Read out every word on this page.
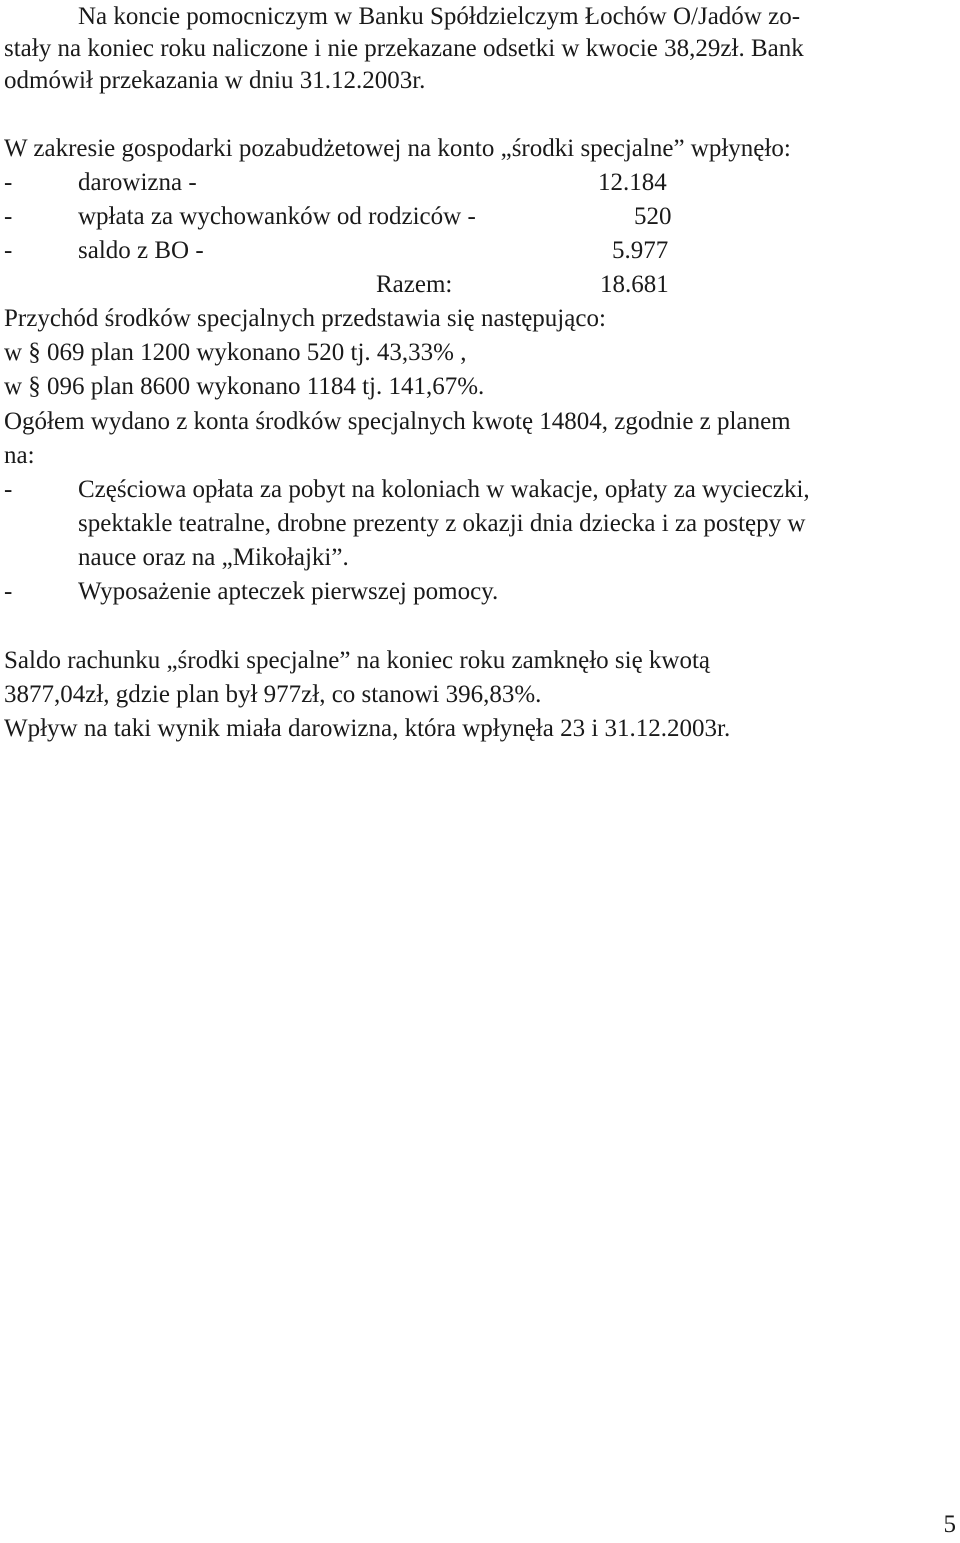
Na koncie pomocniczym w Banku Spółdzielczym Łochów O/Jadów zo-
stały na koniec roku naliczone i nie przekazane odsetki w kwocie 38,29zł. Bank
odmówił przekazania w dniu 31.12.2003r.
W zakresie gospodarki pozabudżetowej na konto „środki specjalne” wpłynęło:
-	darowizna -	12.184
-	wpłata za wychowanków od rodziców -	520
-	saldo z BO -	5.977
Razem:	18.681
Przychód środków specjalnych przedstawia się następująco:
w § 069 plan 1200 wykonano 520 tj. 43,33% ,
w § 096 plan 8600 wykonano 1184 tj. 141,67%.
Ogółem wydano z konta środków specjalnych kwotę 14804, zgodnie z planem
na:
-	Częściowa opłata za pobyt na koloniach w wakacje, opłaty za wycieczki,
spektakle teatralne, drobne prezenty z okazji dnia dziecka i za postępy w
nauce oraz na „Mikołajki”.
-	Wyposażenie apteczek pierwszej pomocy.
Saldo rachunku „środki specjalne” na koniec roku zamknęło się kwotą
3877,04zł, gdzie plan był 977zł, co stanowi 396,83%.
Wpływ na taki wynik miała darowizna, która wpłynęła 23 i 31.12.2003r.
5
